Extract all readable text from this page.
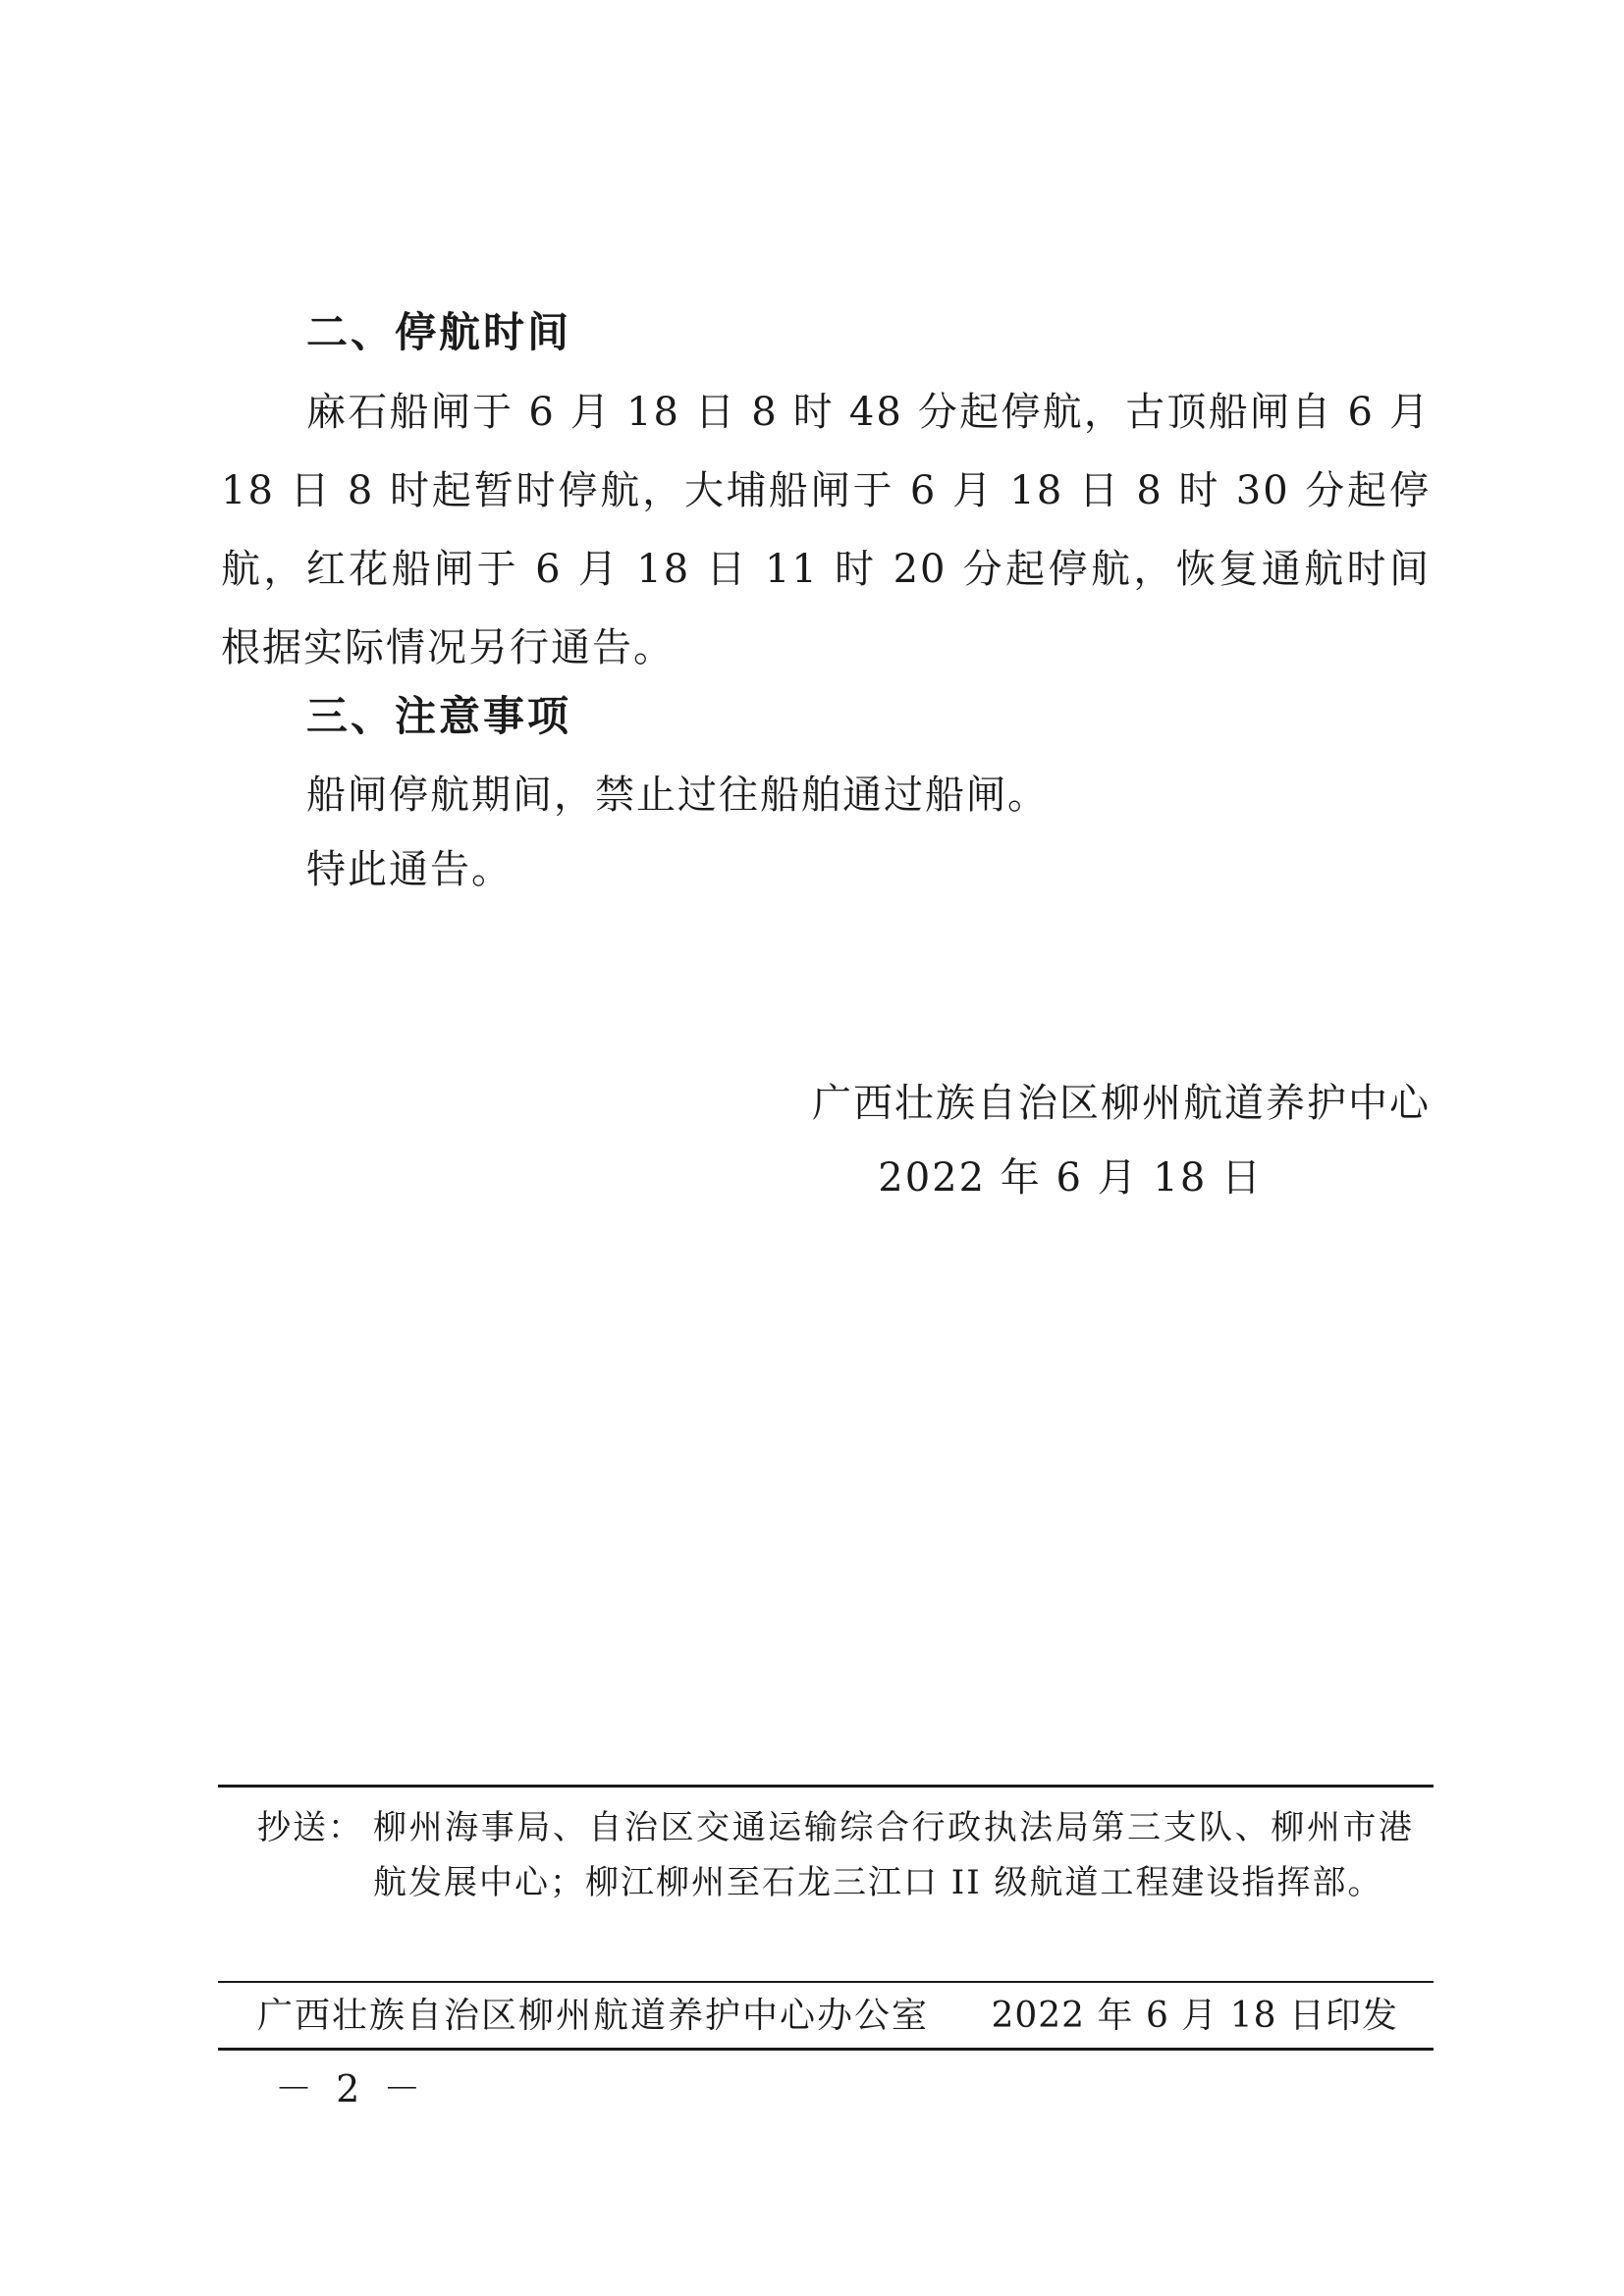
二、停航时间
麻石船闸于 6 月 18 日 8 时 48 分起停航，古顶船闸自 6 月 18 日 8 时起暂时停航，大埔船闸于 6 月 18 日 8 时 30 分起停航，红花船闸于 6 月 18 日 11 时 20 分起停航，恢复通航时间根据实际情况另行通告。
三、注意事项
船闸停航期间，禁止过往船舶通过船闸。
特此通告。
广西壮族自治区柳州航道养护中心
2022 年 6 月 18 日
抄送： 柳州海事局、自治区交通运输综合行政执法局第三支队、柳州市港航发展中心；柳江柳州至石龙三江口 II 级航道工程建设指挥部。
广西壮族自治区柳州航道养护中心办公室 2022 年 6 月 18 日印发
－ 2 －
